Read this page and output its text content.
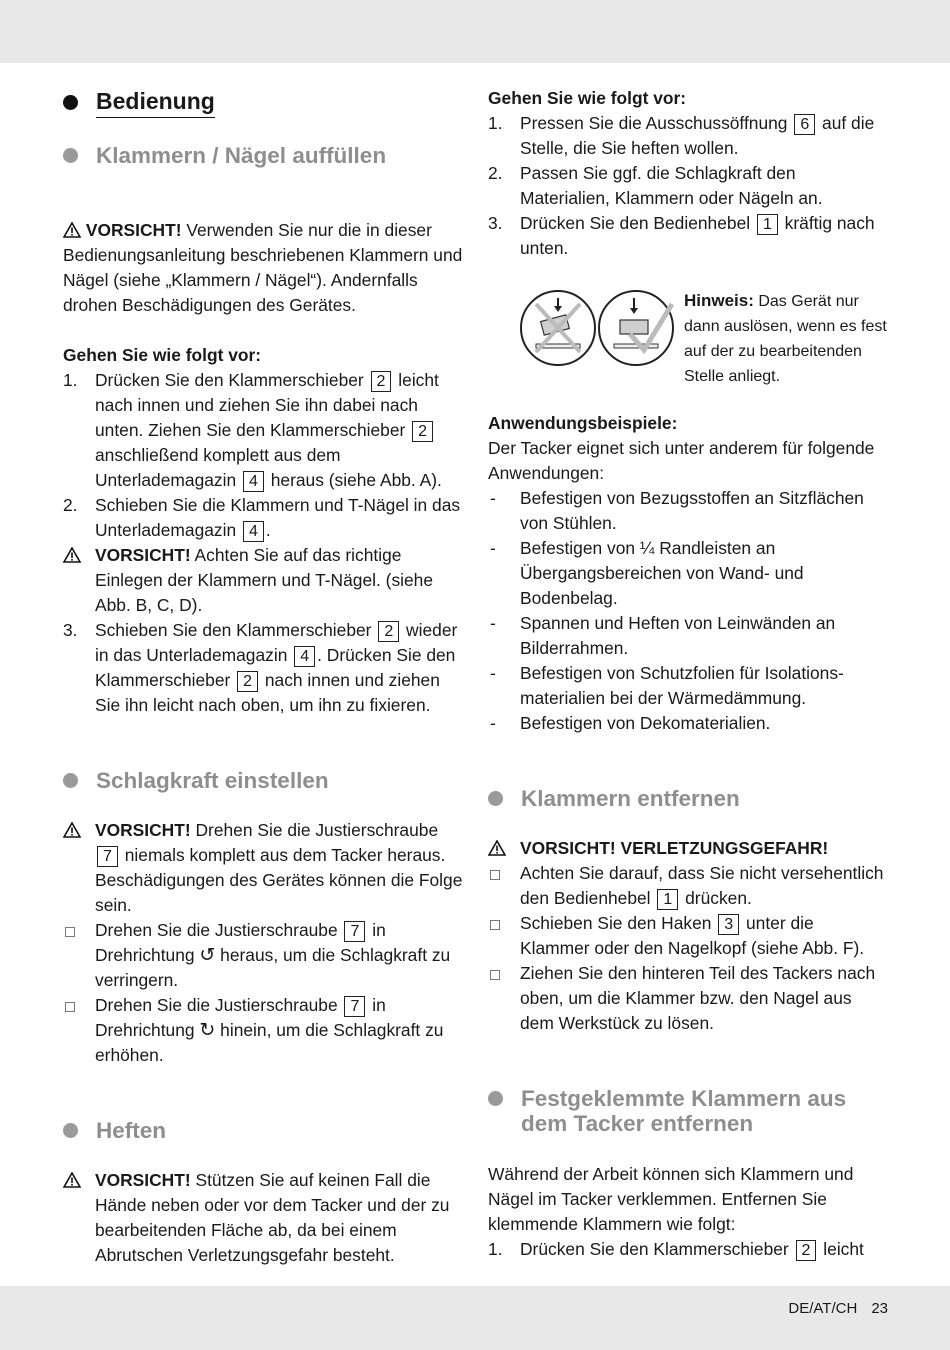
Bedienung
Klammern / Nägel auffüllen

VORSICHT! Verwenden Sie nur die in dieser Bedienungsanleitung beschriebenen Klammern und Nägel (siehe „Klammern / Nägel“). Andernfalls drohen Beschädigungen des Gerätes.

Gehen Sie wie folgt vor:

1.	Drücken Sie den Klammerschieber 2 leicht nach innen und ziehen Sie ihn dabei nach unten. Ziehen Sie den Klammerschieber 2 anschließend komplett aus dem Unterlademagazin 4 heraus (siehe Abb. A).
2.	Schieben Sie die Klammern und T-Nägel in das Unterlademagazin 4 .
VORSICHT! Achten Sie auf das richtige Einlegen der Klammern und T-Nägel. (siehe Abb. B, C, D).
3.	Schieben Sie den Klammerschieber 2 wieder in das Unterlademagazin 4 . Drücken Sie den Klammerschieber 2 nach innen und ziehen Sie ihn leicht nach oben, um ihn zu fixieren.
Schlagkraft einstellen
VORSICHT! Drehen Sie die Justierschraube 7 niemals komplett aus dem Tacker heraus. Beschädigungen des Gerätes können die Folge sein.
Drehen Sie die Justierschraube 7 in Drehrichtung ↺ heraus, um die Schlagkraft zu verringern.
Drehen Sie die Justierschraube 7 in Drehrichtung ↻ hinein, um die Schlagkraft zu erhöhen.
Heften
VORSICHT! Stützen Sie auf keinen Fall die Hände neben oder vor dem Tacker und der zu bearbeitenden Fläche ab, da bei einem Abrutschen Verletzungsgefahr besteht.

Gehen Sie wie folgt vor:

1.	Pressen Sie die Ausschussöffnung 6 auf die Stelle, die Sie heften wollen.
2.	Passen Sie ggf. die Schlagkraft den Materialien, Klammern oder Nägeln an.
3.	Drücken Sie den Bedienhebel 1 kräftig nach unten.
Hinweis: Das Gerät nur dann auslösen, wenn es fest auf der zu bearbeitenden Stelle anliegt.

Anwendungsbeispiele:

Der Tacker eignet sich unter anderem für folgende Anwendungen:

-	Befestigen von Bezugsstoffen an Sitzflächen von Stühlen.
-	Befestigen von ¼ Randleisten an Übergangsbereichen von Wand- und Bodenbelag.
-	Spannen und Heften von Leinwänden an Bilderrahmen.
-	Befestigen von Schutzfolien für Isolations-materialien bei der Wärmedämmung.
-	Befestigen von Dekomaterialien.
Klammern entfernen
VORSICHT! VERLETZUNGSGEFAHR!
Achten Sie darauf, dass Sie nicht versehentlich den Bedienhebel 1 drücken.
Schieben Sie den Haken 3 unter die Klammer oder den Nagelkopf (siehe Abb. F).
Ziehen Sie den hinteren Teil des Tackers nach oben, um die Klammer bzw. den Nagel aus dem Werkstück zu lösen.
Festgeklemmte Klammern aus dem Tacker entfernen

Während der Arbeit können sich Klammern und Nägel im Tacker verklemmen. Entfernen Sie klemmende Klammern wie folgt:

1.	Drücken Sie den Klammerschieber 2 leicht
DE/AT/CH 23
